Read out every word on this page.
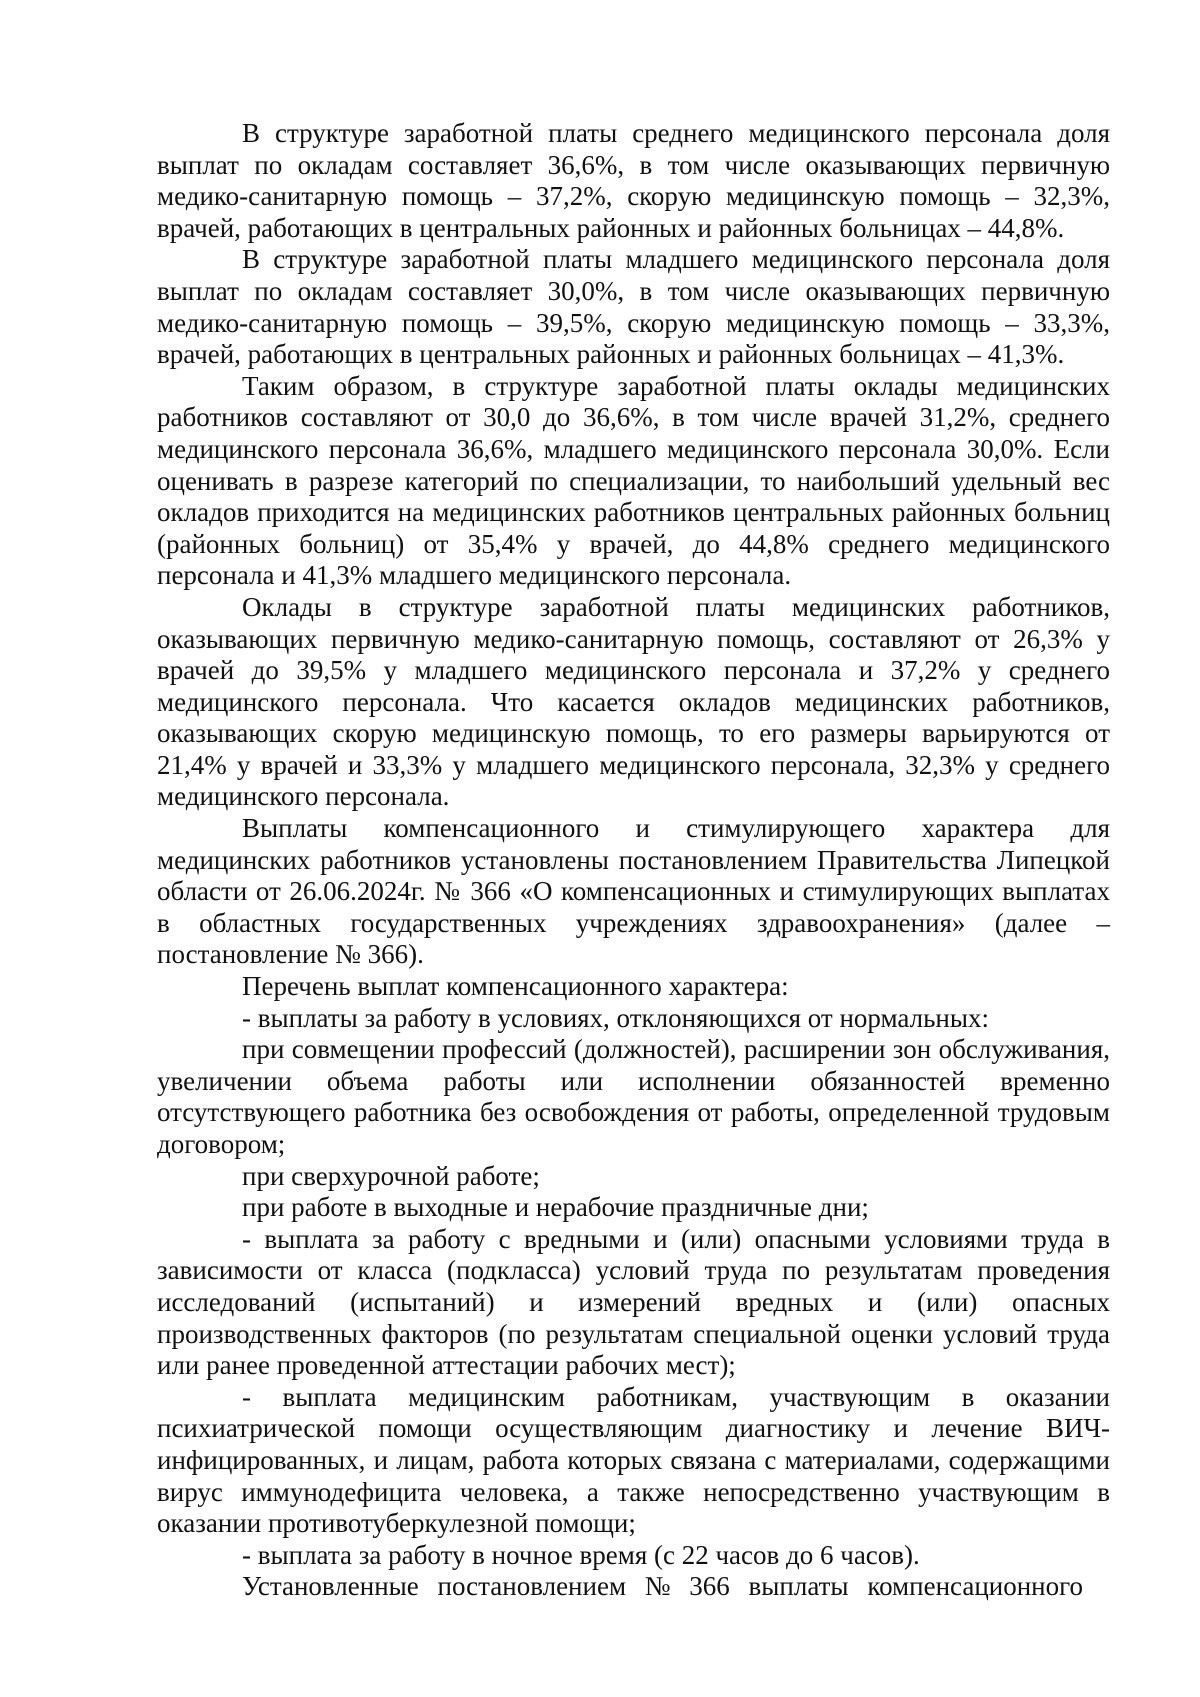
В структуре заработной платы среднего медицинского персонала доля выплат по окладам составляет 36,6%, в том числе оказывающих первичную медико-санитарную помощь – 37,2%, скорую медицинскую помощь – 32,3%, врачей, работающих в центральных районных и районных больницах – 44,8%.

В структуре заработной платы младшего медицинского персонала доля выплат по окладам составляет 30,0%, в том числе оказывающих первичную медико-санитарную помощь – 39,5%, скорую медицинскую помощь – 33,3%, врачей, работающих в центральных районных и районных больницах – 41,3%.

Таким образом, в структуре заработной платы оклады медицинских работников составляют от 30,0 до 36,6%, в том числе врачей 31,2%, среднего медицинского персонала 36,6%, младшего медицинского персонала 30,0%. Если оценивать в разрезе категорий по специализации, то наибольший удельный вес окладов приходится на медицинских работников центральных районных больниц (районных больниц) от 35,4% у врачей, до 44,8% среднего медицинского персонала и 41,3% младшего медицинского персонала.

Оклады в структуре заработной платы медицинских работников, оказывающих первичную медико-санитарную помощь, составляют от 26,3% у врачей до 39,5% у младшего медицинского персонала и 37,2% у среднего медицинского персонала. Что касается окладов медицинских работников, оказывающих скорую медицинскую помощь, то его размеры варьируются от 21,4% у врачей и 33,3% у младшего медицинского персонала, 32,3% у среднего медицинского персонала.

Выплаты компенсационного и стимулирующего характера для медицинских работников установлены постановлением Правительства Липецкой области от 26.06.2024г. № 366 «О компенсационных и стимулирующих выплатах в областных государственных учреждениях здравоохранения» (далее – постановление № 366).

Перечень выплат компенсационного характера:

- выплаты за работу в условиях, отклоняющихся от нормальных:

при совмещении профессий (должностей), расширении зон обслуживания, увеличении объема работы или исполнении обязанностей временно отсутствующего работника без освобождения от работы, определенной трудовым договором;

при сверхурочной работе;

при работе в выходные и нерабочие праздничные дни;

- выплата за работу с вредными и (или) опасными условиями труда в зависимости от класса (подкласса) условий труда по результатам проведения исследований (испытаний) и измерений вредных и (или) опасных производственных факторов (по результатам специальной оценки условий труда или ранее проведенной аттестации рабочих мест);

- выплата медицинским работникам, участвующим в оказании психиатрической помощи осуществляющим диагностику и лечение ВИЧ-инфицированных, и лицам, работа которых связана с материалами, содержащими вирус иммунодефицита человека, а также непосредственно участвующим в оказании противотуберкулезной помощи;

- выплата за работу в ночное время (с 22 часов до 6 часов).

Установленные постановлением № 366 выплаты компенсационного
